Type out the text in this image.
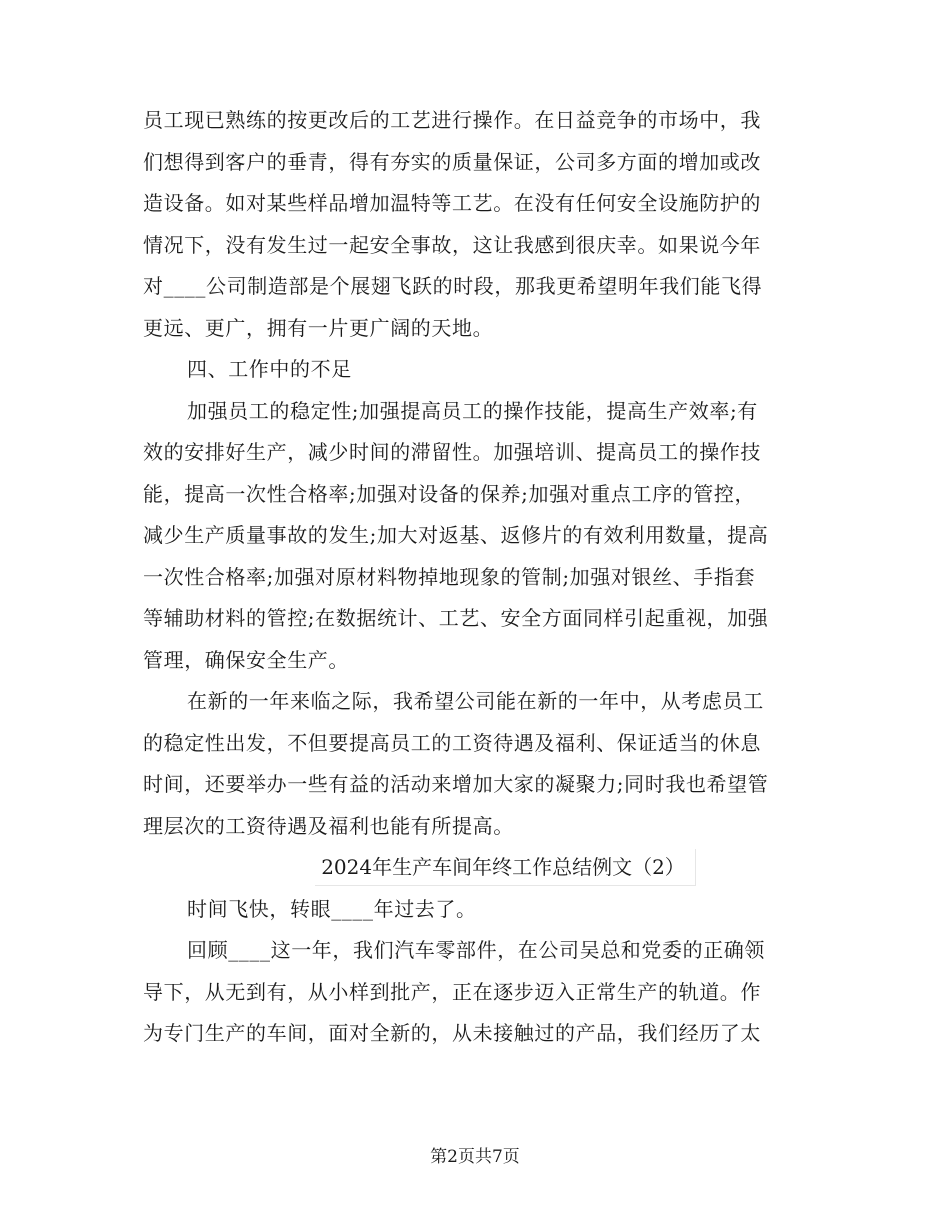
员工现已熟练的按更改后的工艺进行操作。在日益竞争的市场中，我
们想得到客户的垂青，得有夯实的质量保证，公司多方面的增加或改
造设备。如对某些样品增加温特等工艺。在没有任何安全设施防护的
情况下，没有发生过一起安全事故，这让我感到很庆幸。如果说今年
对____公司制造部是个展翅飞跃的时段，那我更希望明年我们能飞得
更远、更广，拥有一片更广阔的天地。
四、工作中的不足
加强员工的稳定性;加强提高员工的操作技能，提高生产效率;有
效的安排好生产，减少时间的滞留性。加强培训、提高员工的操作技
能，提高一次性合格率;加强对设备的保养;加强对重点工序的管控，
减少生产质量事故的发生;加大对返基、返修片的有效利用数量，提高
一次性合格率;加强对原材料物掉地现象的管制;加强对银丝、手指套
等辅助材料的管控;在数据统计、工艺、安全方面同样引起重视，加强
管理，确保安全生产。
在新的一年来临之际，我希望公司能在新的一年中，从考虑员工
的稳定性出发，不但要提高员工的工资待遇及福利、保证适当的休息
时间，还要举办一些有益的活动来增加大家的凝聚力;同时我也希望管
理层次的工资待遇及福利也能有所提高。
2024年生产车间年终工作总结例文（2）
时间飞快，转眼____年过去了。
回顾____这一年，我们汽车零部件，在公司吴总和党委的正确领
导下，从无到有，从小样到批产，正在逐步迈入正常生产的轨道。作
为专门生产的车间，面对全新的，从未接触过的产品，我们经历了太
第2页共7页
